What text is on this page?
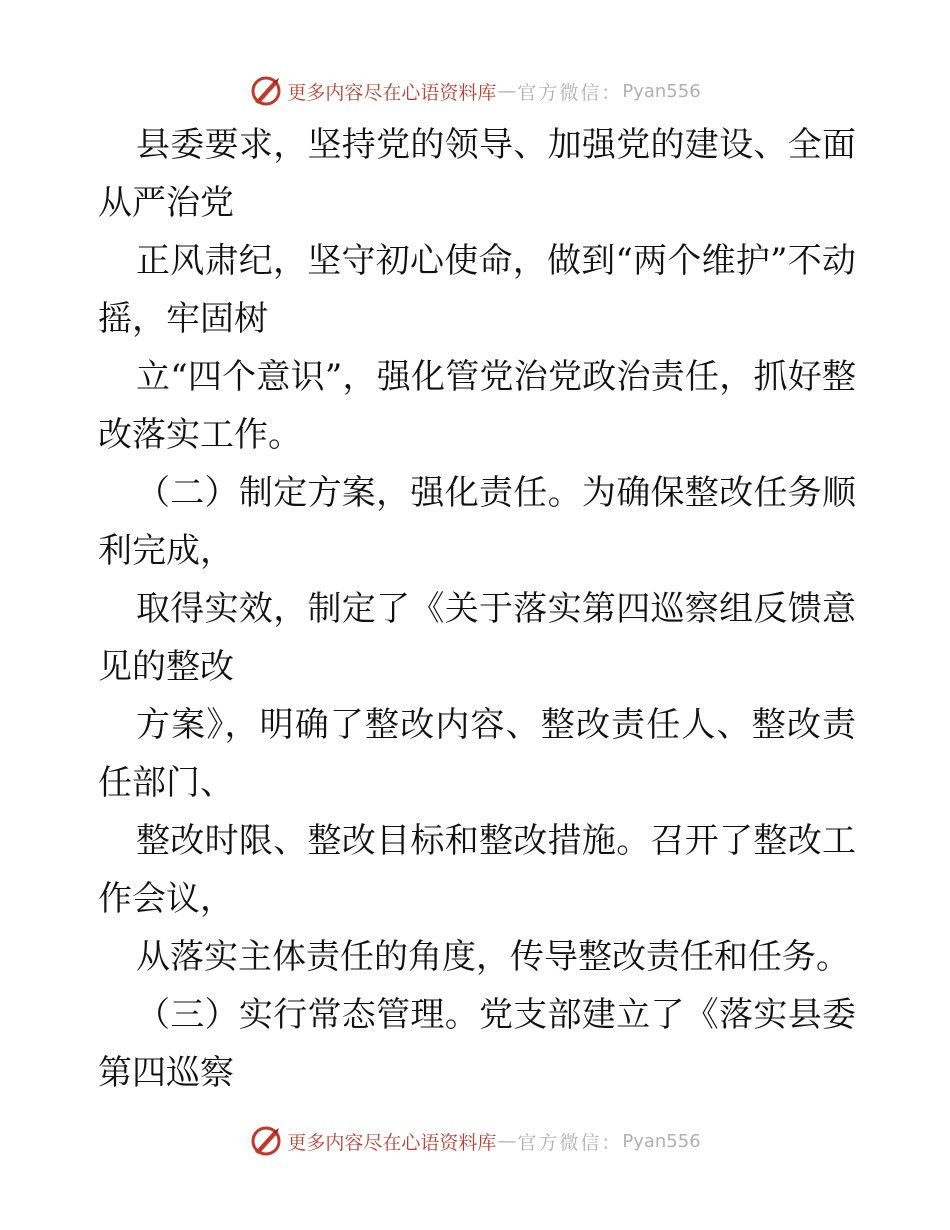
更多内容尽在心语资料库 — 官方微信： Pyan556

县委要求，坚持党的领导、加强党的建设、全面从严治党

正风肃纪，坚守初心使命，做到“两个维护”不动摇，牢固树

立“四个意识”，强化管党治党政治责任，抓好整改落实工作。

（二）制定方案，强化责任。为确保整改任务顺利完成，

取得实效，制定了《关于落实第四巡察组反馈意见的整改

方案》，明确了整改内容、整改责任人、整改责任部门、

整改时限、整改目标和整改措施。召开了整改工作会议，

从落实主体责任的角度，传导整改责任和任务。

（三）实行常态管理。党支部建立了《落实县委第四巡察

更多内容尽在心语资料库 — 官方微信： Pyan556
